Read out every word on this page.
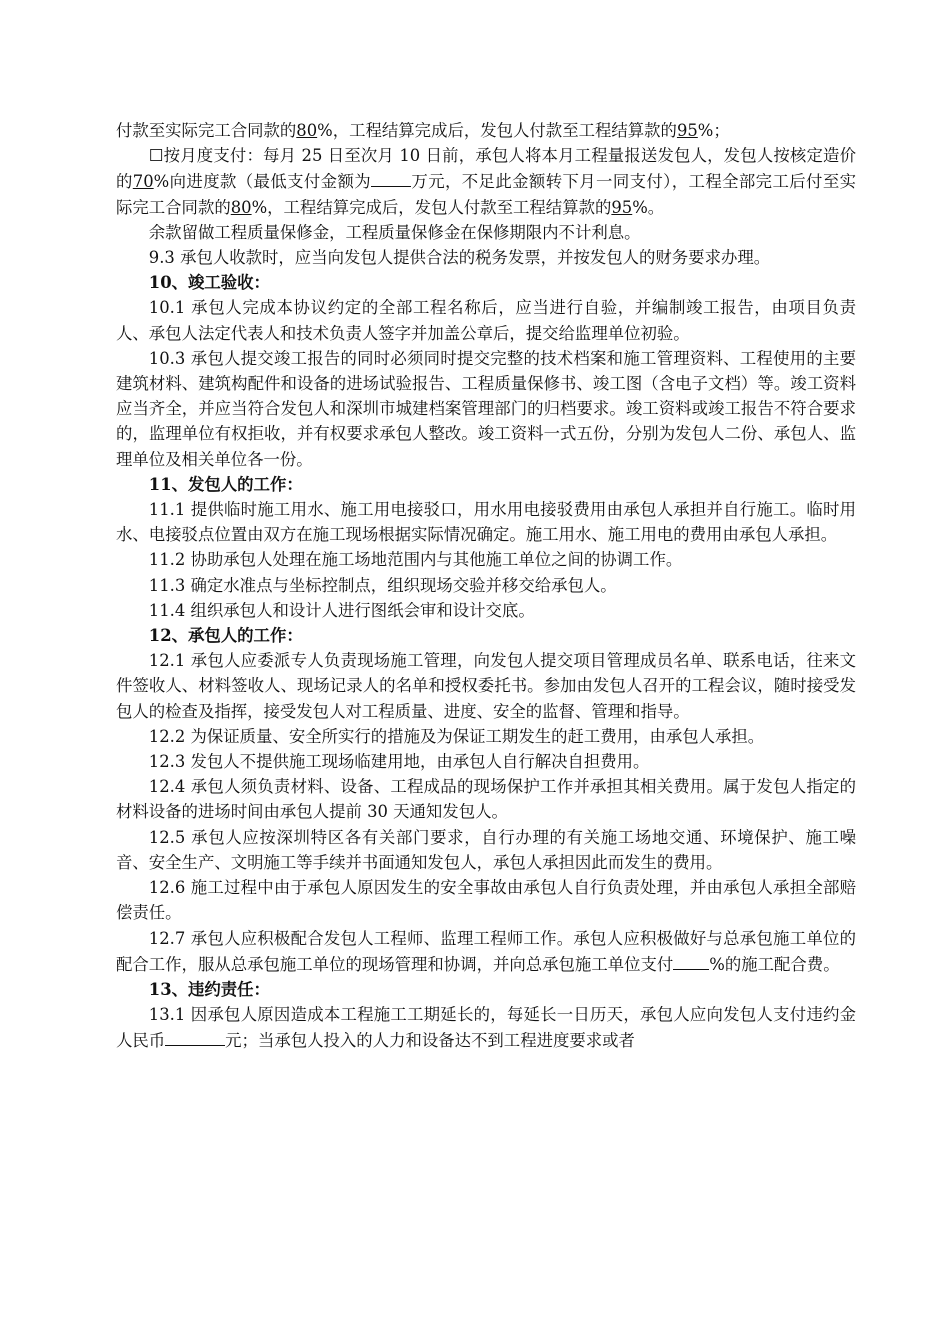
付款至实际完工合同款的80%，工程结算完成后，发包人付款至工程结算款的95%；

☐按月度支付：每月 25 日至次月 10 日前，承包人将本月工程量报送发包人，发包人按核定造价的70%向进度款（最低支付金额为 万元，不足此金额转下月一同支付），工程全部完工后付至实际完工合同款的80%，工程结算完成后，发包人付款至工程结算款的95%。

余款留做工程质量保修金，工程质量保修金在保修期限内不计利息。

9.3 承包人收款时，应当向发包人提供合法的税务发票，并按发包人的财务要求办理。

10、竣工验收：

10.1 承包人完成本协议约定的全部工程名称后，应当进行自验，并编制竣工报告，由项目负责人、承包人法定代表人和技术负责人签字并加盖公章后，提交给监理单位初验。

10.3 承包人提交竣工报告的同时必须同时提交完整的技术档案和施工管理资料、工程使用的主要建筑材料、建筑构配件和设备的进场试验报告、工程质量保修书、竣工图（含电子文档）等。竣工资料应当齐全，并应当符合发包人和深圳市城建档案管理部门的归档要求。竣工资料或竣工报告不符合要求的，监理单位有权拒收，并有权要求承包人整改。竣工资料一式五份，分别为发包人二份、承包人、监理单位及相关单位各一份。

11、发包人的工作：

11.1 提供临时施工用水、施工用电接驳口，用水用电接驳费用由承包人承担并自行施工。临时用水、电接驳点位置由双方在施工现场根据实际情况确定。施工用水、施工用电的费用由承包人承担。

11.2 协助承包人处理在施工场地范围内与其他施工单位之间的协调工作。

11.3 确定水准点与坐标控制点，组织现场交验并移交给承包人。

11.4 组织承包人和设计人进行图纸会审和设计交底。

12、承包人的工作：

12.1 承包人应委派专人负责现场施工管理，向发包人提交项目管理成员名单、联系电话，往来文件签收人、材料签收人、现场记录人的名单和授权委托书。参加由发包人召开的工程会议，随时接受发包人的检查及指挥，接受发包人对工程质量、进度、安全的监督、管理和指导。

12.2 为保证质量、安全所实行的措施及为保证工期发生的赶工费用，由承包人承担。

12.3 发包人不提供施工现场临建用地，由承包人自行解决自担费用。

12.4 承包人须负责材料、设备、工程成品的现场保护工作并承担其相关费用。属于发包人指定的材料设备的进场时间由承包人提前 30 天通知发包人。

12.5 承包人应按深圳特区各有关部门要求，自行办理的有关施工场地交通、环境保护、施工噪音、安全生产、文明施工等手续并书面通知发包人，承包人承担因此而发生的费用。

12.6 施工过程中由于承包人原因发生的安全事故由承包人自行负责处理，并由承包人承担全部赔偿责任。

12.7 承包人应积极配合发包人工程师、监理工程师工作。承包人应积极做好与总承包施工单位的配合工作，服从总承包施工单位的现场管理和协调，并向总承包施工单位支付 %的施工配合费。

13、违约责任：

13.1 因承包人原因造成本工程施工工期延长的，每延长一日历天，承包人应向发包人支付违约金人民币	元；当承包人投入的人力和设备达不到工程进度要求或者
